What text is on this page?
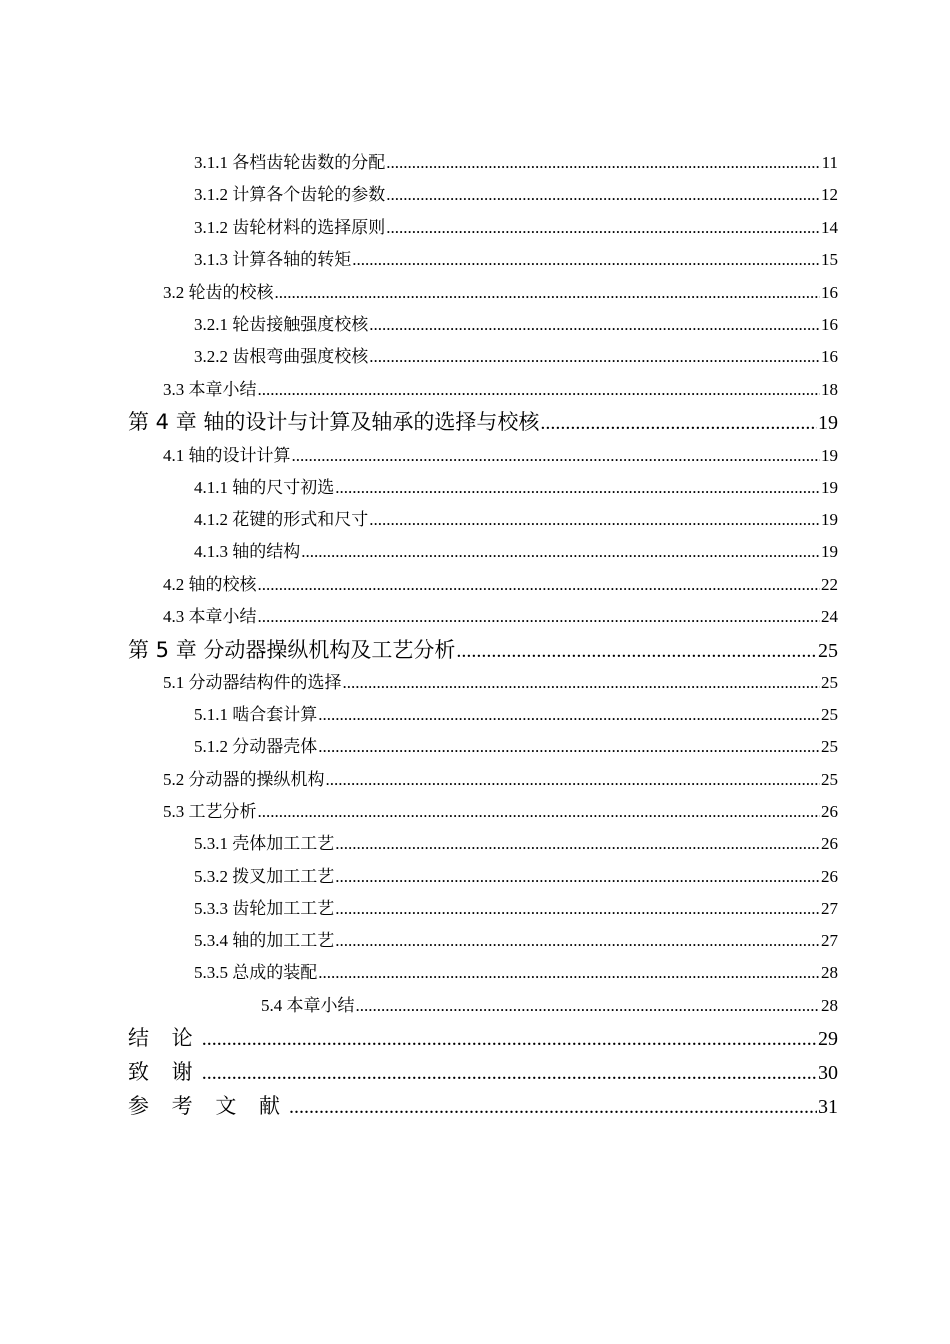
3.1.1 各档齿轮齿数的分配 .....	11
3.1.2 计算各个齿轮的参数 .....	12
3.1.2 齿轮材料的选择原则 .....	14
3.1.3 计算各轴的转矩 .....	15
3.2 轮齿的校核 .....	16
3.2.1 轮齿接触强度校核 .....	16
3.2.2 齿根弯曲强度校核 .....	16
3.3 本章小结 .....	18
第 4 章 轴的设计与计算及轴承的选择与校核 .....	19
4.1 轴的设计计算 .....	19
4.1.1 轴的尺寸初选 .....	19
4.1.2 花键的形式和尺寸 .....	19
4.1.3 轴的结构 .....	19
4.2 轴的校核 .....	22
4.3 本章小结 .....	24
第 5 章 分动器操纵机构及工艺分析 .....	25
5.1 分动器结构件的选择 .....	25
5.1.1 啮合套计算 .....	25
5.1.2 分动器壳体 .....	25
5.2 分动器的操纵机构 .....	25
5.3 工艺分析 .....	26
5.3.1 壳体加工工艺 .....	26
5.3.2 拨叉加工工艺 .....	26
5.3.3 齿轮加工工艺 .....	27
5.3.4 轴的加工工艺 .....	27
5.3.5 总成的装配 .....	28
5.4 本章小结 .....	28
结 论 .....	29
致 谢 .....	30
参 考 文 献 .....	31
